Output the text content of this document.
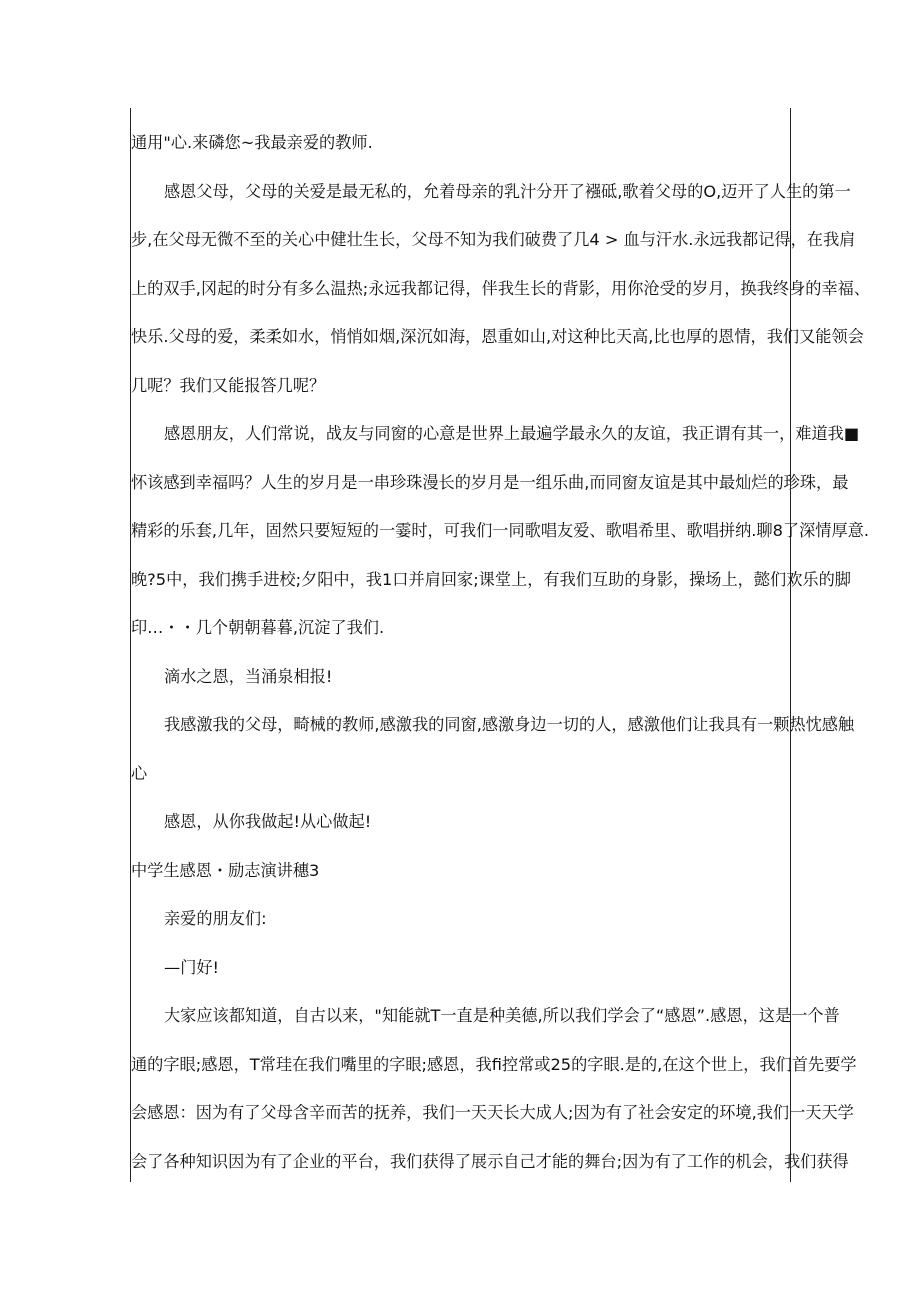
通用"心.来磷您~我最亲爱的教师.
感恩父母，父母的关爱是最无私的，允着母亲的乳汁分开了襁砥,歌着父母的O,迈开了人生的第一
步,在父母无微不至的关心中健壮生长，父母不知为我们破费了几4 > 血与汗水.永远我都记得，在我肩
上的双手,冈起的时分有多么温热;永远我都记得，伴我生长的背影，用你沧受的岁月，换我终身的幸福、
快乐.父母的爱，柔柔如水，悄悄如烟,深沉如海，恩重如山,对这种比天高,比也厚的恩情，我们又能领会
几呢？我们又能报答几呢？
感恩朋友，人们常说，战友与同窗的心意是世界上最遍学最永久的友谊，我正谓有其一，难道我■
怀该感到幸福吗？人生的岁月是一串珍珠漫长的岁月是一组乐曲,而同窗友谊是其中最灿烂的珍珠，最
精彩的乐套,几年，固然只要短短的一霎时，可我们一同歌唱友爱、歌唱希里、歌唱拼纳.聊8了深情厚意.
晚?5中，我们携手进校;夕阳中，我1口并肩回家;课堂上，有我们互助的身影，操场上，懿们欢乐的脚
印…・・几个朝朝暮暮,沉淀了我们.
滴水之恩，当涌泉相报!
我感激我的父母，畸械的教师,感激我的同窗,感激身边一切的人，感激他们让我具有一颗热忱感触
心
感恩，从你我做起!从心做起!
中学生感恩・励志演讲穗3
亲爱的朋友们:
—门好!
大家应该都知道，自古以来，"知能就T一直是种美德,所以我们学会了“感恩”.感恩，这是一个普
通的字眼;感恩，T常珪在我们嘴里的字眼;感恩，我fi控常或25的字眼.是的,在这个世上，我们首先要学
会感恩：因为有了父母含辛而苦的抚养，我们一天天长大成人;因为有了社会安定的环境,我们一天天学
会了各种知识因为有了企业的平台，我们获得了展示自己才能的舞台;因为有了工作的机会，我们获得
